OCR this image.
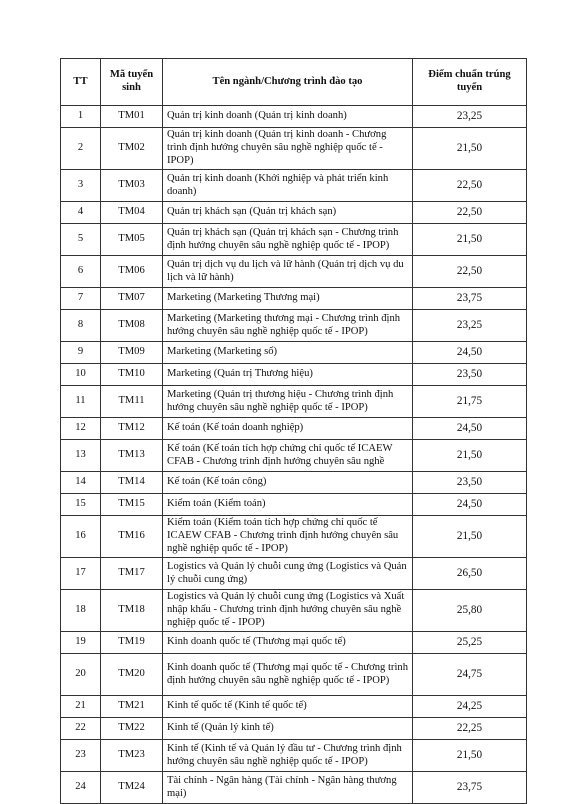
TT	Mã tuyển sinh	Tên ngành/Chương trình đào tạo	Điểm chuẩn trúng tuyển
1	TM01	Quản trị kinh doanh (Quản trị kinh doanh)	23,25
2	TM02	Quản trị kinh doanh (Quản trị kinh doanh - Chương trình định hướng chuyên sâu nghề nghiệp quốc tế - IPOP)	21,50
3	TM03	Quản trị kinh doanh (Khởi nghiệp và phát triển kinh doanh)	22,50
4	TM04	Quản trị khách sạn (Quản trị khách sạn)	22,50
5	TM05	Quản trị khách sạn (Quản trị khách sạn - Chương trình định hướng chuyên sâu nghề nghiệp quốc tế - IPOP)	21,50
6	TM06	Quản trị dịch vụ du lịch và lữ hành (Quản trị dịch vụ du lịch và lữ hành)	22,50
7	TM07	Marketing (Marketing Thương mại)	23,75
8	TM08	Marketing (Marketing thương mại - Chương trình định hướng chuyên sâu nghề nghiệp quốc tế - IPOP)	23,25
9	TM09	Marketing (Marketing số)	24,50
10	TM10	Marketing (Quản trị Thương hiệu)	23,50
11	TM11	Marketing (Quản trị thương hiệu - Chương trình định hướng chuyên sâu nghề nghiệp quốc tế - IPOP)	21,75
12	TM12	Kế toán (Kế toán doanh nghiệp)	24,50
13	TM13	Kế toán (Kế toán tích hợp chứng chỉ quốc tế ICAEW CFAB - Chương trình định hướng chuyên sâu nghề	21,50
14	TM14	Kế toán (Kế toán công)	23,50
15	TM15	Kiểm toán (Kiểm toán)	24,50
16	TM16	Kiểm toán (Kiểm toán tích hợp chứng chỉ quốc tế ICAEW CFAB - Chương trình định hướng chuyên sâu nghề nghiệp quốc tế - IPOP)	21,50
17	TM17	Logistics và Quản lý chuỗi cung ứng (Logistics và Quản lý chuỗi cung ứng)	26,50
18	TM18	Logistics và Quản lý chuỗi cung ứng (Logistics và Xuất nhập khẩu - Chương trình định hướng chuyên sâu nghề nghiệp quốc tế - IPOP)	25,80
19	TM19	Kinh doanh quốc tế (Thương mại quốc tế)	25,25
20	TM20	Kinh doanh quốc tế (Thương mại quốc tế - Chương trình định hướng chuyên sâu nghề nghiệp quốc tế - IPOP)	24,75
21	TM21	Kinh tế quốc tế (Kinh tế quốc tế)	24,25
22	TM22	Kinh tế (Quản lý kinh tế)	22,25
23	TM23	Kinh tế (Kinh tế và Quản lý đầu tư - Chương trình định hướng chuyên sâu nghề nghiệp quốc tế - IPOP)	21,50
24	TM24	Tài chính - Ngân hàng (Tài chính - Ngân hàng thương mại)	23,75
